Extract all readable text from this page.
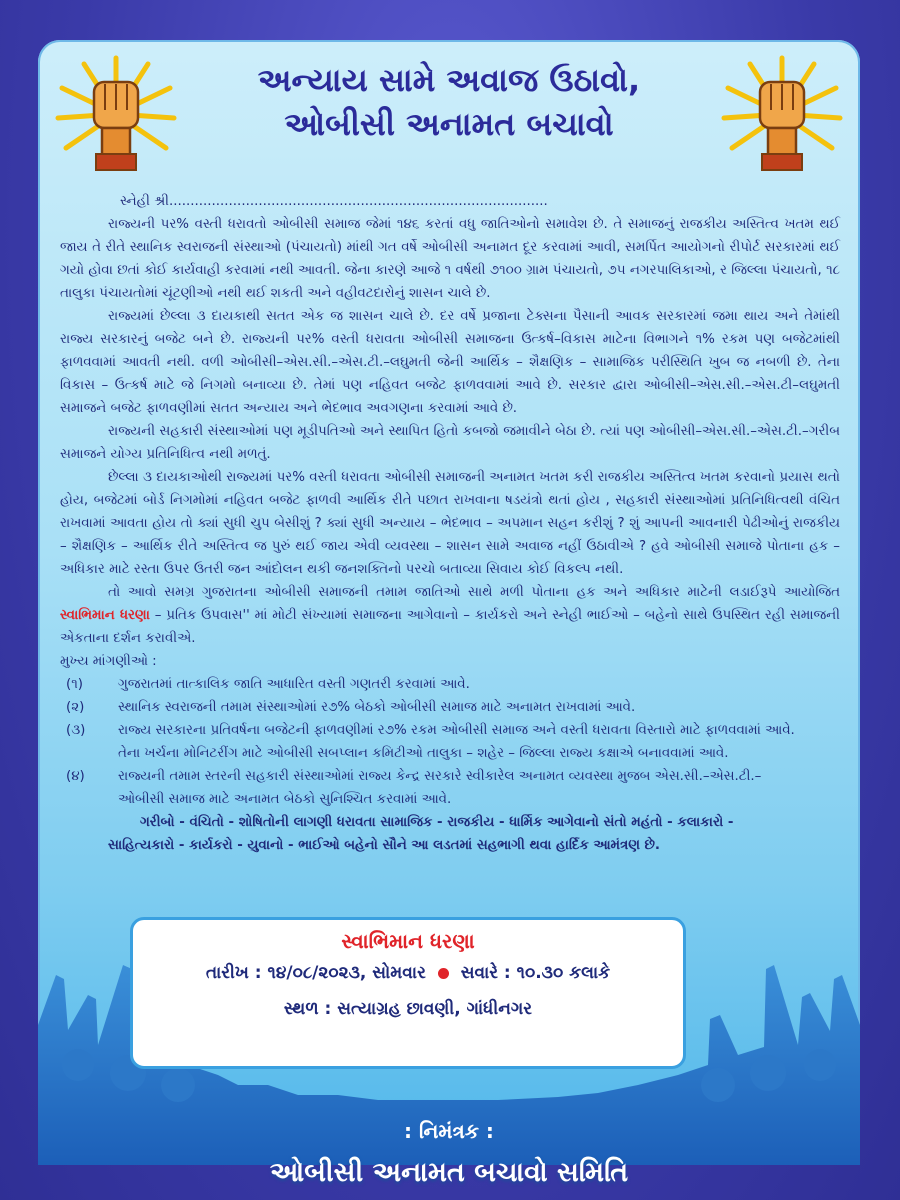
અન્યાય સામે અવાજ ઉઠાવો,
ઓબીસી અનામત બચાવો

સ્નેહી શ્રી.........................................................................................

રાજ્યની પર% વસ્તી ધરાવતો ઓબીસી સમાજ જેમાં ૧૪૬ કરતાં વધુ જાતિઓનો સમાવેશ છે. તે સમાજનું રાજકીય અસ્તિત્વ ખતમ થઈ જાય તે રીતે સ્થાનિક સ્વરાજની સંસ્થાઓ (પંચાયતો) માંથી ગત વર્ષે ઓબીસી અનામત દૂર કરવામાં આવી, સમર્પિત આયોગનો રીપોર્ટ સરકારમાં થઈ ગયો હોવા છતાં કોઈ કાર્યવાહી કરવામાં નથી આવતી. જેના કારણે આજે ૧ વર્ષથી ૭૧૦૦ ગ્રામ પંચાયતો, ૭૫ નગરપાલિકાઓ, ર જિલ્લા પંચાયતો, ૧૮ તાલુકા પંચાયતોમાં ચૂંટણીઓ નથી થઈ શકતી અને વહીવટદારોનું શાસન ચાલે છે.

રાજ્યમાં છેલ્લા ૩ દાયકાથી સતત એક જ શાસન ચાલે છે. દર વર્ષે પ્રજાના ટેક્સના પૈસાની આવક સરકારમાં જમા થાય અને તેમાંથી રાજ્ય સરકારનું બજેટ બને છે. રાજ્યની પર% વસ્તી ધરાવતા ઓબીસી સમાજના ઉત્કર્ષ–વિકાસ માટેના વિભાગને ૧% રકમ પણ બજેટમાંથી ફાળવવામાં આવતી નથી. વળી ઓબીસી–એસ.સી.–એસ.ટી.–લઘુમતી જેની આર્થિક – શૈક્ષણિક – સામાજિક પરીસ્થિતિ ખુબ જ નબળી છે. તેના વિકાસ – ઉત્કર્ષ માટે જે નિગમો બનાવ્યા છે. તેમાં પણ નહિવત બજેટ ફાળવવામાં આવે છે. સરકાર દ્વારા ઓબીસી–એસ.સી.–એસ.ટી–લઘુમતી સમાજને બજેટ ફાળવણીમાં સતત અન્યાય અને ભેદભાવ અવગણના કરવામાં આવે છે.

રાજ્યની સહકારી સંસ્થાઓમાં પણ મૂડીપતિઓ અને સ્થાપિત હિતો કબજો જમાવીને બેઠા છે. ત્યાં પણ ઓબીસી–એસ.સી.–એસ.ટી.–ગરીબ સમાજને યોગ્ય પ્રતિનિધિત્વ નથી મળતું.

છેલ્લા ૩ દાયકાઓથી રાજ્યમાં પર% વસ્તી ધરાવતા ઓબીસી સમાજની અનામત ખતમ કરી રાજકીય અસ્તિત્વ ખતમ કરવાનો પ્રયાસ થતો હોય, બજેટમાં બોર્ડ નિગમોમાં નહિવત બજેટ ફાળવી આર્થિક રીતે પછાત રાખવાના ષડયંત્રો થતાં હોય , સહકારી સંસ્થાઓમાં પ્રતિનિધિત્વથી વંચિત રાખવામાં આવતા હોય તો ક્યાં સુધી ચુપ બેસીશું ? ક્યાં સુધી અન્યાય – ભેદભાવ – અપમાન સહન કરીશું ? શું આપની આવનારી પેઢીઓનું રાજકીય – શૈક્ષણિક – આર્થિક રીતે અસ્તિત્વ જ પુરું થઈ જાય એવી વ્યવસ્થા – શાસન સામે અવાજ નહીં ઉઠાવીએ ? હવે ઓબીસી સમાજે પોતાના હક – અધિકાર માટે રસ્તા ઉપર ઉતરી જન આંદોલન થકી જનશક્તિનો પરચો બતાવ્યા સિવાય કોઈ વિકલ્પ નથી.

તો આવો સમગ્ર ગુજરાતના ઓબીસી સમાજની તમામ જાતિઓ સાથે મળી પોતાના હક અને અધિકાર માટેની લડાઈરૂપે આયોજિત સ્વાભિમાન ધરણા – પ્રતિક ઉપવાસ'' માં મોટી સંખ્યામાં સમાજના આગેવાનો – કાર્યકરો અને સ્નેહી ભાઈઓ – બહેનો સાથે ઉપસ્થિત રહી સમાજની એકતાના દર્શન કરાવીએ.

મુખ્ય માંગણીઓ :

(૧)	ગુજરાતમાં તાત્કાલિક જાતિ આધારિત વસ્તી ગણતરી કરવામાં આવે.
(૨)	સ્થાનિક સ્વરાજની તમામ સંસ્થાઓમાં ર૭% બેઠકો ઓબીસી સમાજ માટે અનામત રાખવામાં આવે.
(૩)	રાજ્ય સરકારના પ્રતિવર્ષના બજેટની ફાળવણીમાં ર૭% રકમ ઓબીસી સમાજ અને વસ્તી ધરાવતા વિસ્તારો માટે ફાળવવામાં આવે.

તેના ખર્ચના મોનિટરીંગ માટે ઓબીસી સબપ્લાન કમિટીઓ તાલુકા – શહેર – જિલ્લા રાજ્ય કક્ષાએ બનાવવામાં આવે.

(૪)	રાજ્યની તમામ સ્તરની સહકારી સંસ્થાઓમાં રાજ્ય કેન્દ્ર સરકારે સ્વીકારેલ અનામત વ્યવસ્થા મુજબ એસ.સી.–એસ.ટી.–

ઓબીસી સમાજ માટે અનામત બેઠકો સુનિશ્ચિત કરવામાં આવે.

ગરીબો - વંચિતો - શોષિતોની લાગણી ધરાવતા સામાજિક - રાજકીય - ધાર્મિક આગેવાનો સંતો મહંતો - કલાકારો -

સાહિત્યકારો - કાર્યકરો - યુવાનો - ભાઈઓ બહેનો સૌને આ લડતમાં સહભાગી થવા હાર્દિક આમંત્રણ છે.

: નિમંત્રક :
ઓબીસી અનામત બચાવો સમિતિ
સ્વાભિમાન ધરણા
તારીખ : ૧૪/૦૮/૨૦૨૩, સોમવાર સવારે : ૧૦.૩૦ કલાકે
સ્થળ : સત્યાગ્રહ છાવણી, ગાંધીનગર
